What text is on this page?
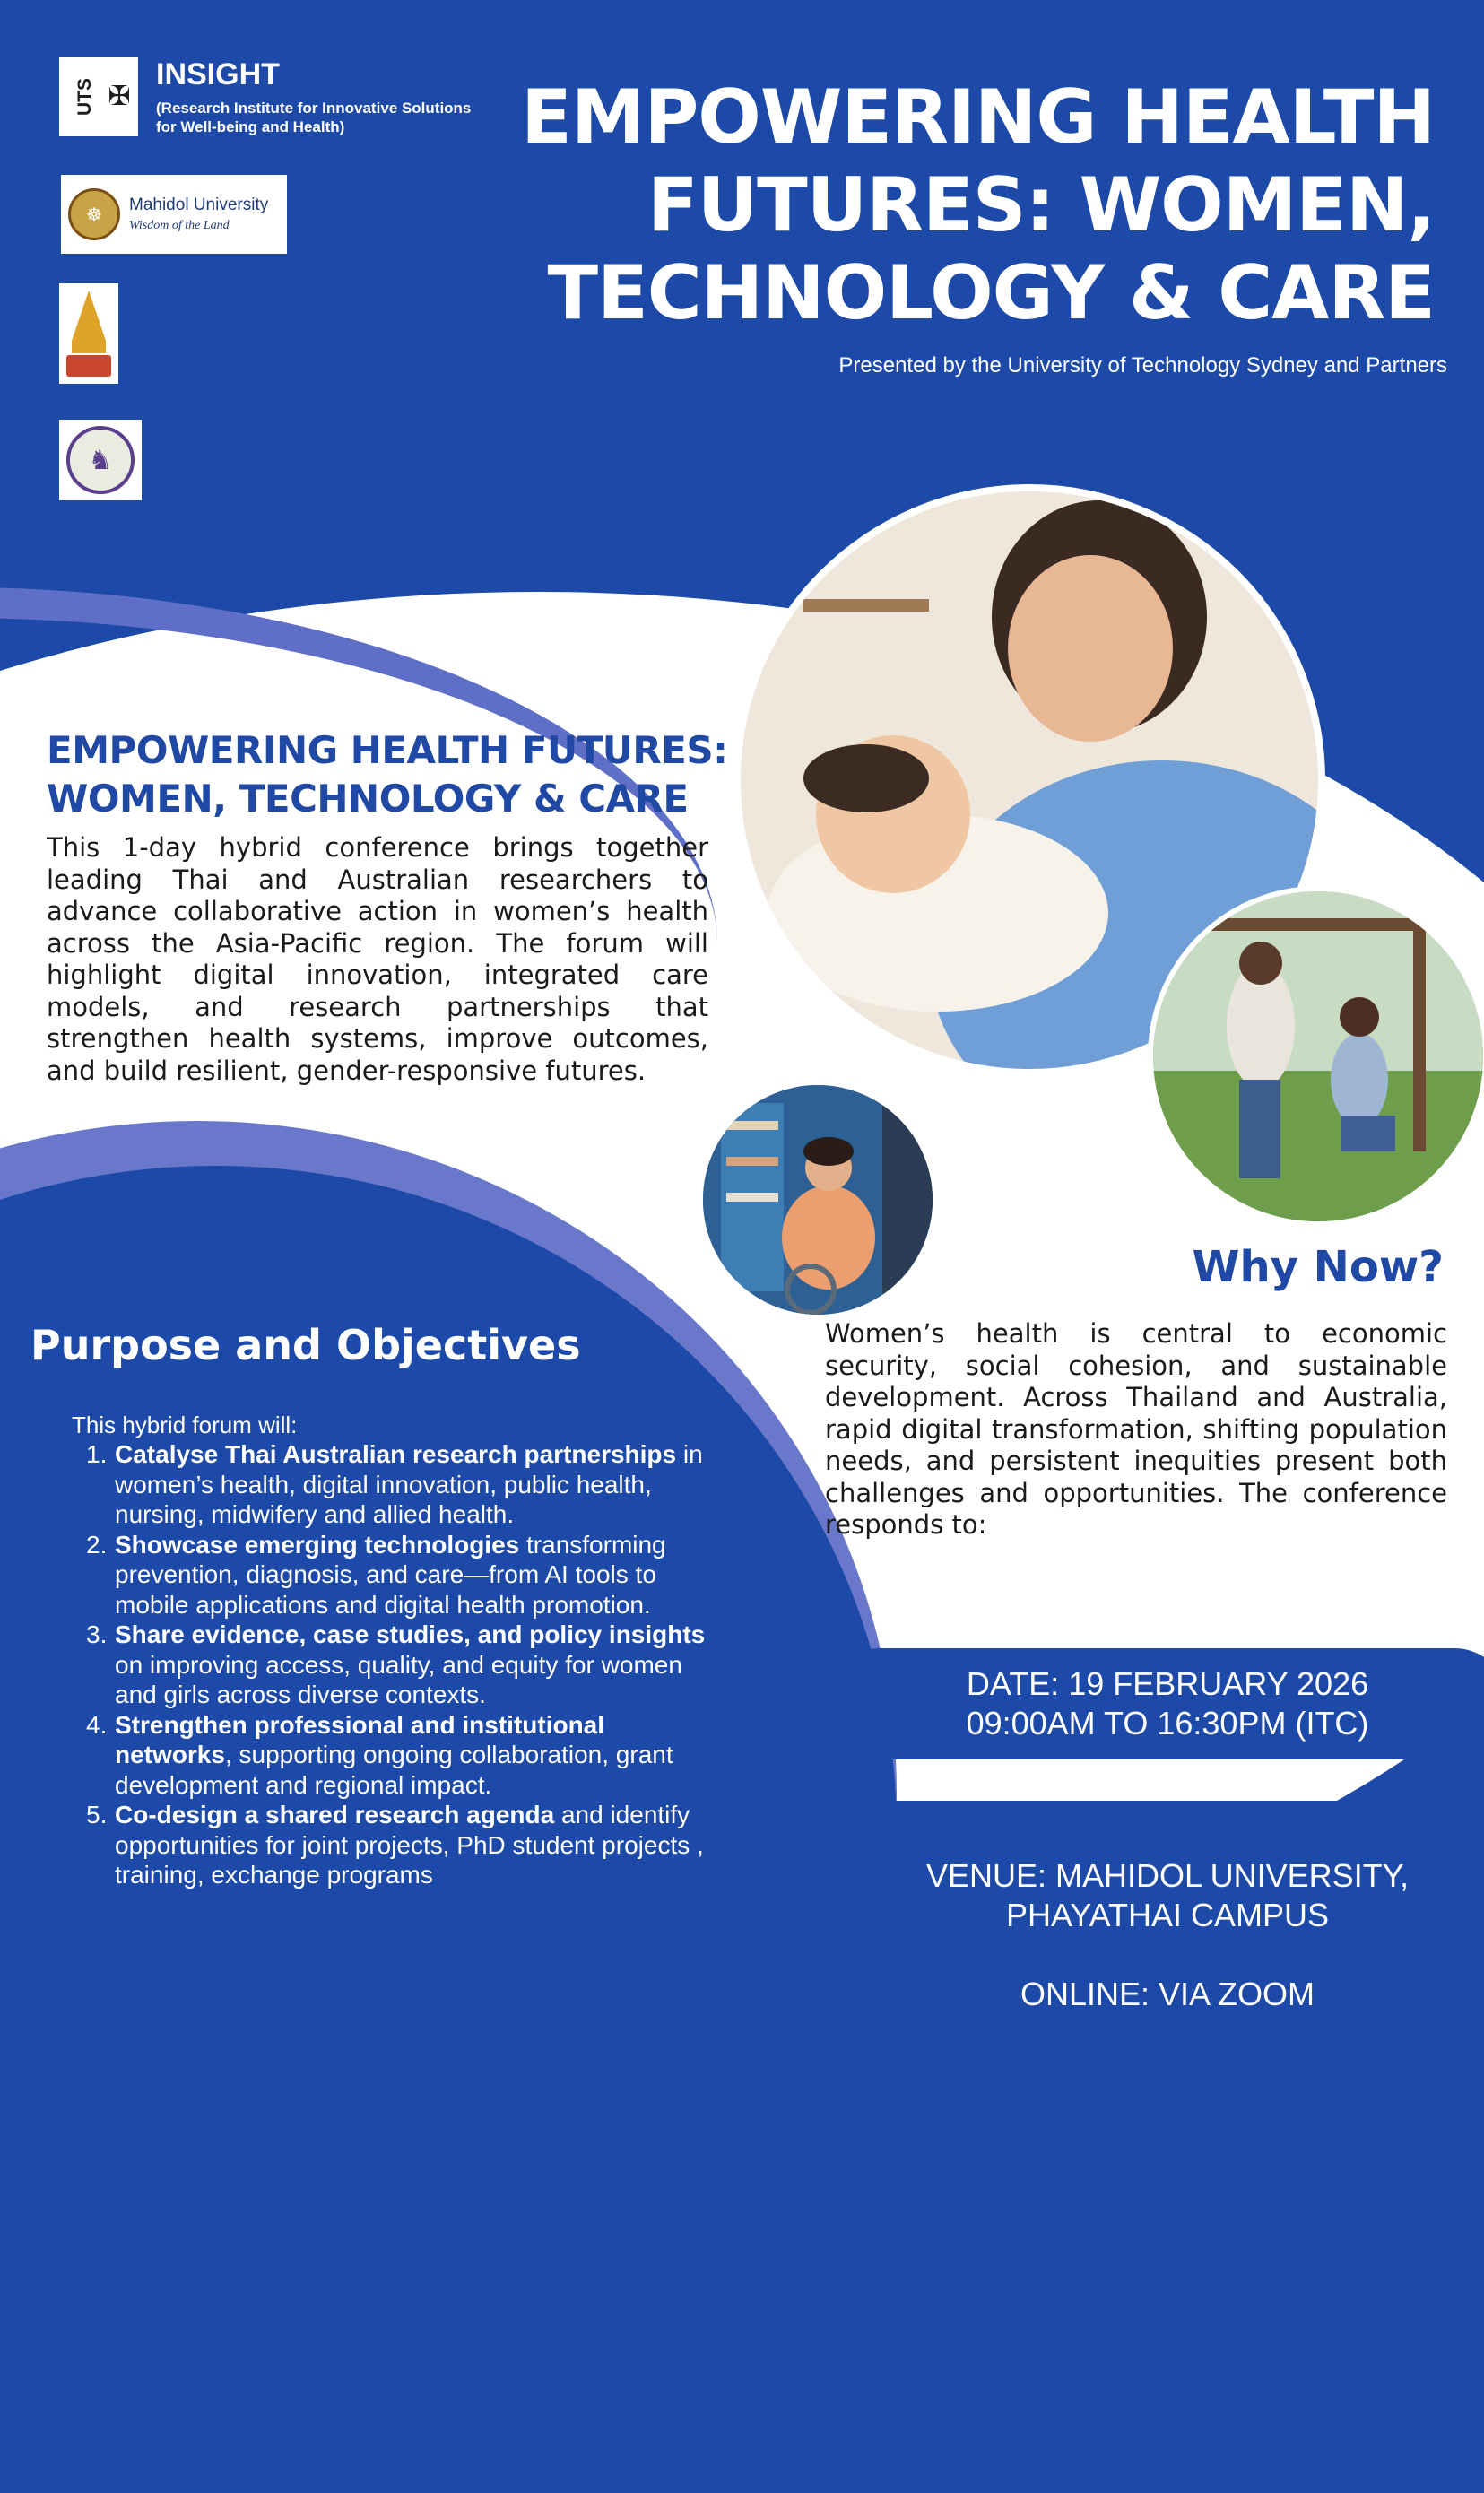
UTS ✠
INSIGHT
(Research Institute for Innovative Solutions for Well-being and Health)
☸	Mahidol University
Wisdom of the Land
♞
EMPOWERING HEALTH FUTURES: WOMEN, TECHNOLOGY & CARE
Presented by the University of Technology Sydney and Partners
EMPOWERING HEALTH FUTURES: WOMEN, TECHNOLOGY & CARE
This 1-day hybrid conference brings together leading Thai and Australian researchers to advance collaborative action in women’s health across the Asia-Pacific region. The forum will highlight digital innovation, integrated care models, and research partnerships that strengthen health systems, improve outcomes, and build resilient, gender-responsive futures.
Why Now?
Women’s health is central to economic security, social cohesion, and sustainable development. Across Thailand and Australia, rapid digital transformation, shifting population needs, and persistent inequities present both challenges and opportunities. The conference responds to:
Purpose and Objectives
This hybrid forum will:
1. Catalyse Thai Australian research partnerships in women’s health, digital innovation, public health, nursing, midwifery and allied health.
2. Showcase emerging technologies transforming prevention, diagnosis, and care—from AI tools to mobile applications and digital health promotion.
3. Share evidence, case studies, and policy insights on improving access, quality, and equity for women and girls across diverse contexts.
4. Strengthen professional and institutional networks, supporting ongoing collaboration, grant development and regional impact.
5. Co-design a shared research agenda and identify opportunities for joint projects, PhD student projects , training, exchange programs
DATE: 19 FEBRUARY 2026
09:00AM TO 16:30PM (ITC)
VENUE: MAHIDOL UNIVERSITY,
PHAYATHAI CAMPUS
ONLINE: VIA ZOOM
